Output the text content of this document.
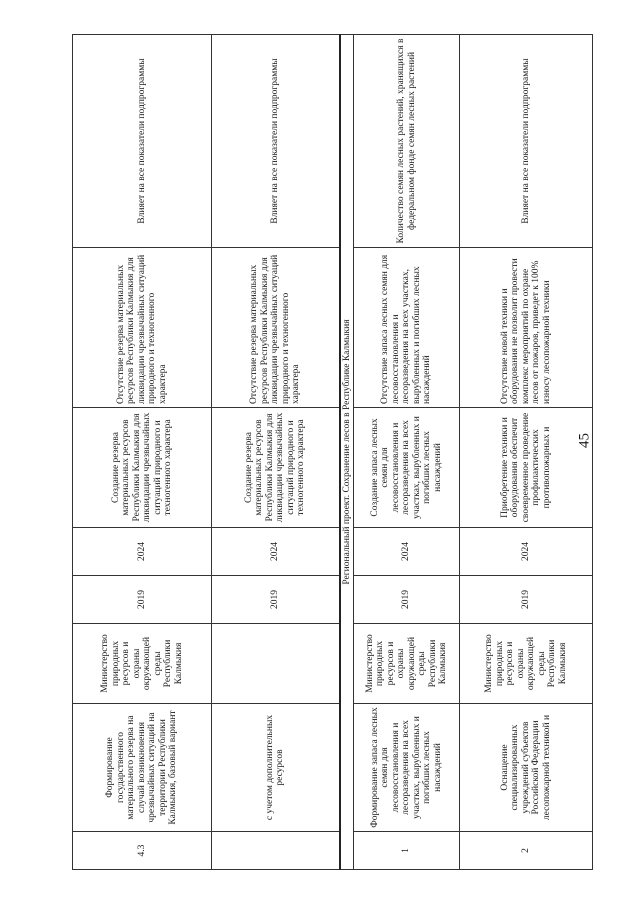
4.3	Формирование государственного материального резерва на случай возникновения чрезвычайных ситуаций на территории Республики Калмыкия, базовый вариант	Министерство природных ресурсов и охраны окружающей среды Республики Калмыкия	2019	2024	Создание резерва материальных ресурсов Республики Калмыкия для ликвидации чрезвычайных ситуаций природного и техногенного характера	Отсутствие резерва материальных ресурсов Республики Калмыкия для ликвидации чрезвычайных ситуаций природного и техногенного характера	Влияет на все показатели подпрограммы
	с учетом дополнительных ресурсов		2019	2024	Создание резерва материальных ресурсов Республики Калмыкия для ликвидации чрезвычайных ситуаций природного и техногенного характера	Отсутствие резерва материальных ресурсов Республики Калмыкия для ликвидации чрезвычайных ситуаций природного и техногенного характера	Влияет на все показатели подпрограммы
Региональный проект. Сохранение лесов в Республике Калмыкия							
1	Формирование запаса лесных семян для лесовосстановления и лесоразведения на всех участках, вырубленных и погибших лесных насаждений	Министерство природных ресурсов и охраны окружающей среды Республики Калмыкия	2019	2024	Создание запаса лесных семян для лесовосстановления и лесоразведения на всех участках, вырубленных и погибших лесных насаждений	Отсутствие запаса лесных семян для лесовосстановления и лесоразведения на всех участках, вырубленных и погибших лесных насаждений	Количество семян лесных растений, хранящихся в федеральном фонде семян лесных растений
2	Оснащение специализированных учреждений субъектов Российской Федерации лесопожарной техникой и	Министерство природных ресурсов и охраны окружающей среды Республики Калмыкия	2019	2024	Приобретение техники и оборудования обеспечит своевременное проведение профилактических противопожарных и	Отсутствие новой техники и оборудования не позволит провести комплекс мероприятий по охране лесов от пожаров, приведет к 100% износу лесопожарной техники	Влияет на все показатели подпрограммы
45
